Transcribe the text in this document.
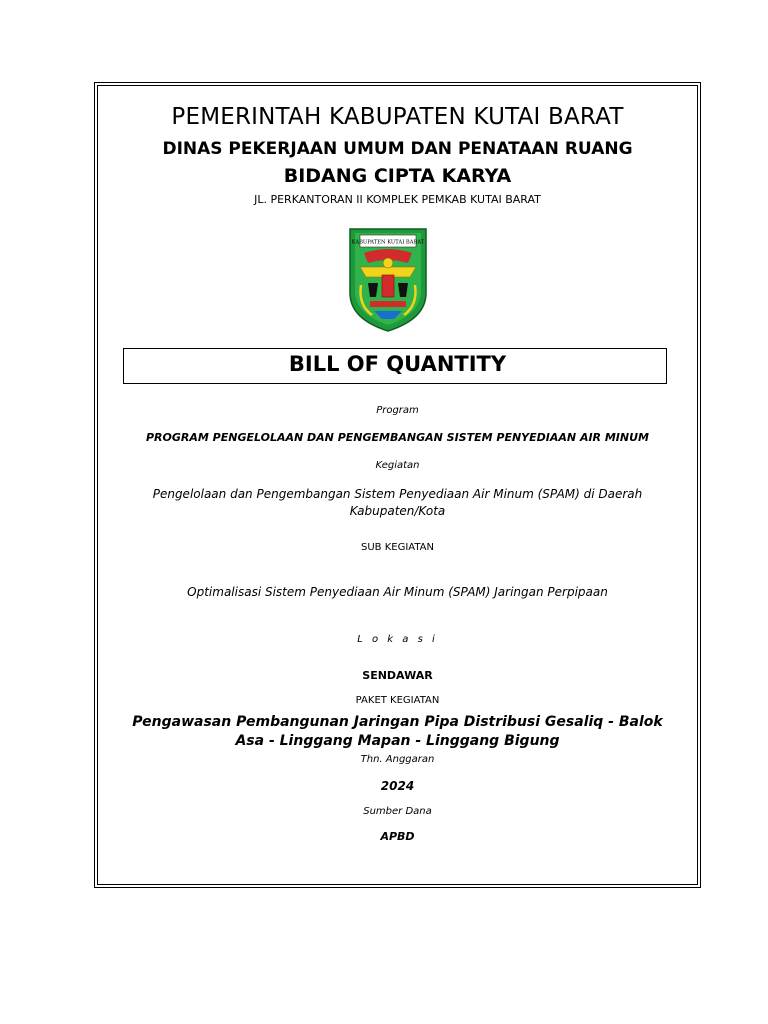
PEMERINTAH KABUPATEN KUTAI BARAT
DINAS PEKERJAAN UMUM DAN PENATAAN RUANG
BIDANG CIPTA KARYA
JL. PERKANTORAN II KOMPLEK PEMKAB KUTAI BARAT
KABUPATEN KUTAI BARAT
BILL OF QUANTITY
Program
PROGRAM PENGELOLAAN DAN PENGEMBANGAN SISTEM PENYEDIAAN AIR MINUM
Kegiatan
Pengelolaan dan Pengembangan Sistem Penyediaan Air Minum (SPAM) di Daerah Kabupaten/Kota
SUB KEGIATAN
Optimalisasi Sistem Penyediaan Air Minum (SPAM) Jaringan Perpipaan
L o k a s i
SENDAWAR
PAKET KEGIATAN
Pengawasan Pembangunan Jaringan Pipa Distribusi Gesaliq - Balok Asa - Linggang Mapan - Linggang Bigung
Thn. Anggaran
2024
Sumber Dana
APBD
